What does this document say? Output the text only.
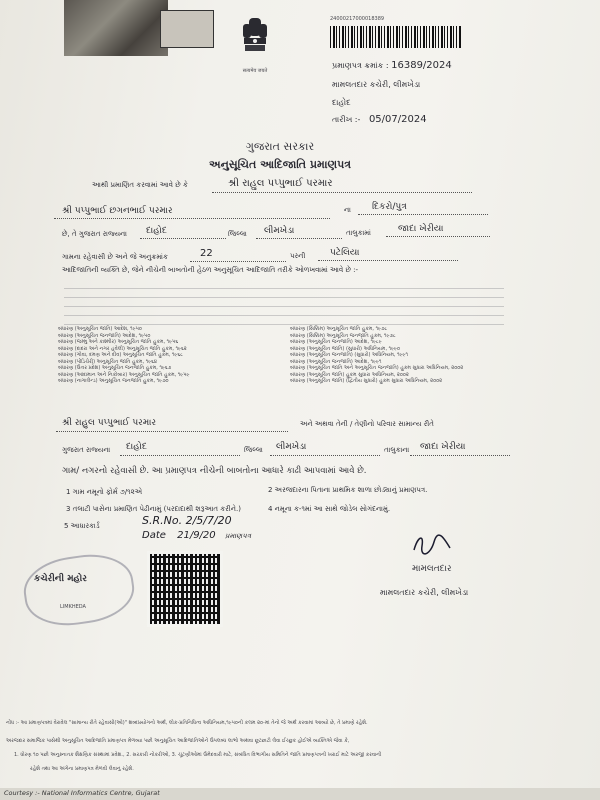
सत्यमेव जयते
24000217000018389
પ્રમાણપત્ર ક્રમાંક : 16389/2024
મામલતદાર કચેરી, લીમખેડા
દાહોદ
તારીખ :- 05/07/2024
ગુજરાત સરકાર
અનુસૂચિત આદિજાતિ પ્રમાણપત્ર
આથી પ્રમાણિત કરવામાં આવે છે કે	શ્રી રાહુલ પપ્પુભાઈ પરમાર
શ્રી પપ્પુભાઈ છગનભાઈ પરમાર	ના દિકરો/પુત્ર
છે, તે ગુજરાત રાજ્યના દાહોદ	જિલ્લા લીમખેડા	તાલુકામાં	જાદા ખેરીયા
ગામના રહેવાસી છે અને જે અનુક્રમાંક	22	પરની	પટેલિયા
આદિજાતિની વ્યક્તિ છે, જેને નીચેની બાબતોની હેઠળ અનુસૂચિત આદિજાતિ તરીકે ઓળખવામાં આવે છે :-
બંધારણ (અનુસૂચિત જાતિ) આદેશ, ૧૯૫૦
બંધારણ (અનુસૂચિત જનજાતિ) આદેશ, ૧૯૫૦
બંધારણ (જમ્મુ અને કાશ્મીર) અનુસૂચિત જાતિ હુકમ, ૧૯૫૬
બંધારણ (દાદરા અને નગર હવેલી) અનુસૂચિત જાતિ હુકમ, ૧૯૬૨
બંધારણ (ગોવા, દમણ અને દીવ) અનુસૂચિત જાતિ હુકમ, ૧૯૬૮
બંધારણ (પોંડિચેરી) અનુસૂચિત જાતિ હુકમ, ૧૯૬૪
બંધારણ (ઉત્તર પ્રદેશ) અનુસૂચિત જનજાતિ હુકમ, ૧૯૬૭
બંધારણ (આંદામાન અને નિકોબાર) અનુસૂચિત જાતિ હુકમ, ૧૯૫૯
બંધારણ (નાગાલેન્ડ) અનુસૂચિત જનજાતિ હુકમ, ૧૯૭૦
બંધારણ (સિક્કિમ) અનુસૂચિત જાતિ હુકમ, ૧૯૭૮
બંધારણ (સિક્કિમ) અનુસૂચિત જનજાતિ હુકમ, ૧૯૭૮
બંધારણ (અનુસૂચિત જનજાતિ) આદેશ, ૧૯૮૯
બંધારણ (અનુસૂચિત જાતિ) (સુધારો) અધિનિયમ, ૧૯૯૦
બંધારણ (અનુસૂચિત જનજાતિ) (સુધારો) અધિનિયમ, ૧૯૯૧
બંધારણ (અનુસૂચિત જનજાતિ) આદેશ, ૧૯૯૧
બંધારણ (અનુસૂચિત જાતિ અને અનુસૂચિત જનજાતિ) હુકમ સુધારા અધિનિયમ, ૨૦૦૨
બંધારણ (અનુસૂચિત જાતિ) હુકમ સુધારા અધિનિયમ, ૨૦૦૨
બંધારણ (અનુસૂચિત જાતિ) (દ્વિતીય સુધારો) હુકમ સુધારા અધિનિયમ, ૨૦૦૨
શ્રી રાહુલ પપ્પુભાઈ પરમાર	અને અથવા તેની / તેણીનો પરિવાર સામાન્ય રીતે
ગુજરાત રાજ્યના દાહોદ	જિલ્લા લીમખેડા	તાલુકાના જાદા ખેરીયા
ગામ/ નગરનો રહેવાસી છે. આ પ્રમાણપત્ર નીચેની બાબતોના આધારે કાઢી આપવામાં આવે છે.
1 ગામ નમૂનો ફોર્મ ૭/૧૨એ	2 અરજદારના પિતાના પ્રાથમિક શાળા છોડ્યાનું પ્રમાણપત્ર.
3 તલાટી પાસેના પ્રમાણિત પેઢીનામું (પરદાદાથી શરૂઆત કરીને.)	4 નમૂના ક-૧માં આ સાથે જોડેલ સોગંદનામું.
5 આધારકાર્ડ	S.R.No. 2/5/7/20
Date 21/9/20 પ્રમાણપત્ર
કચેરીની મહોર
LIMKHEDA
મામલતદાર
મામલતદાર કચેરી, લીમખેડા
નોંધ :- આ પ્રમાણપત્રમાં વેરાવેલ "સામાન્ય રીતે રહેવાસી(ઓ)" શબ્દપ્રયોગનો અર્થ, લોક-પ્રતિનિધિત્વ અધિનિયમ,૧૯૫૦ની કલમ ૨૦-માં તેનો જે અર્થ કરવામાં આવ્યો છે, તે પ્રમાણે રહેશે.
અરજદાર સમાજિક પાસેથી અનુસૂચિત આદિજાતિ પ્રમાણપત્ર મેળવ્યા પછી અનુસૂચિત આદિજાતિઓને ઉપલબ્ધ લાભો અથવા છૂટછાટો લેવા ઈચ્છુક હોઈએ વ્યક્તિએ જેવા કે,
1. ધોરણ ૧૦ પછી અનુસ્નાતક શૈક્ષણિક સંસ્થામાં પ્રવેશ., 2. સરકારી નોકરીઓ, 3. ચૂંટણીઓમાં ઉમેદવારી માટે, સંબંધિત વિભાગીય સમિતિને જાતિ પ્રમાણપત્રની ખરાઈ માટે અરજી કરવાની
રહેશે તથા આ અંગેના પ્રમાણપત્ર મેળવી લેવાનું રહેશે.
Courtesy :- National Informatics Centre, Gujarat
